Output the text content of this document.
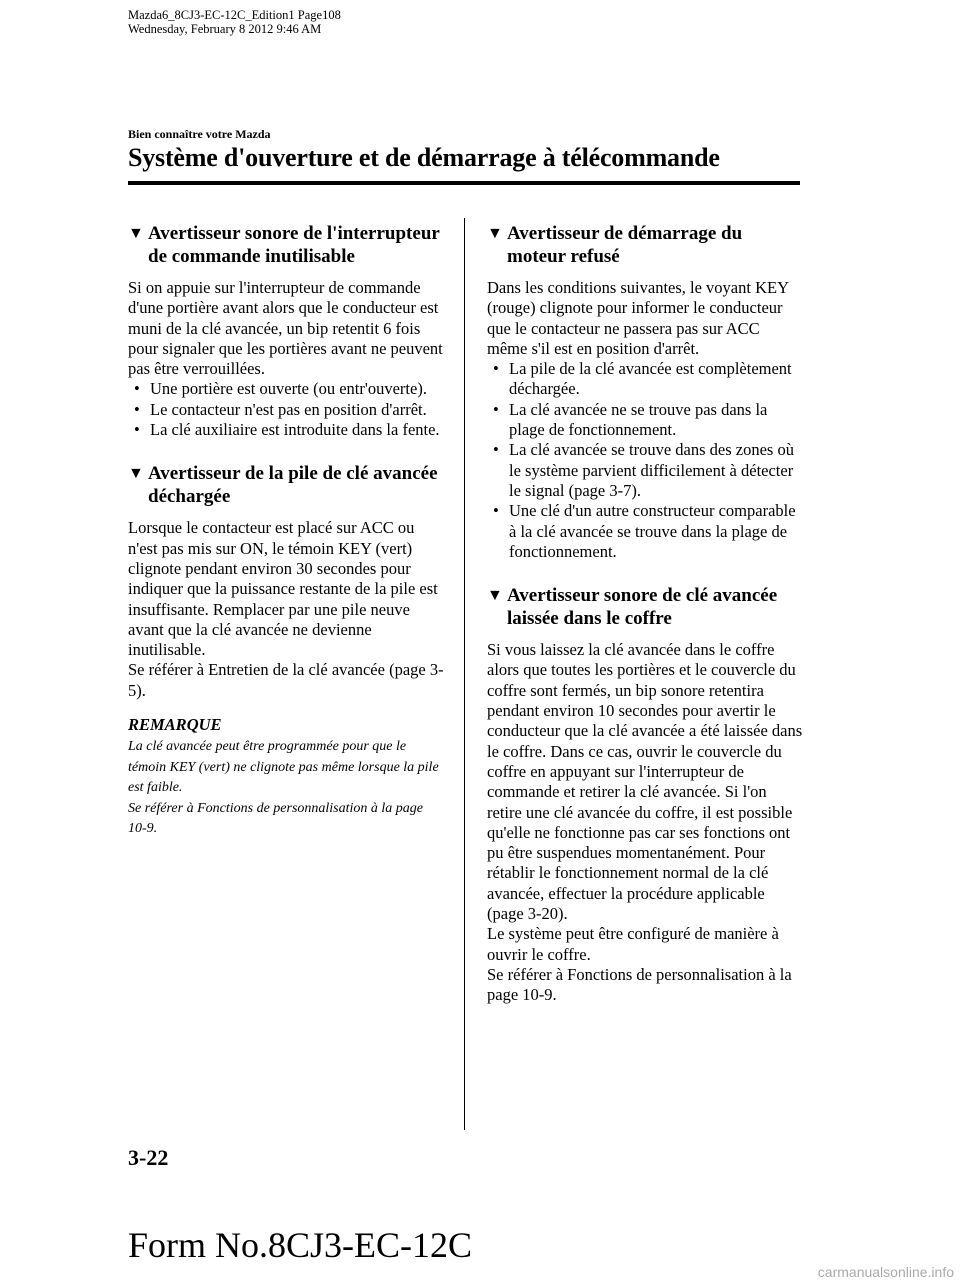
Mazda6_8CJ3-EC-12C_Edition1 Page108
Wednesday, February 8 2012 9:46 AM
Bien connaître votre Mazda
Système d'ouverture et de démarrage à télécommande
▼ Avertisseur sonore de l'interrupteur de commande inutilisable

Si on appuie sur l'interrupteur de commande d'une portière avant alors que le conducteur est muni de la clé avancée, un bip retentit 6 fois pour signaler que les portières avant ne peuvent pas être verrouillées.

• Une portière est ouverte (ou entr'ouverte).
• Le contacteur n'est pas en position d'arrêt.
• La clé auxiliaire est introduite dans la fente.
▼ Avertisseur de la pile de clé avancée déchargée

Lorsque le contacteur est placé sur ACC ou n'est pas mis sur ON, le témoin KEY (vert) clignote pendant environ 30 secondes pour indiquer que la puissance restante de la pile est insuffisante. Remplacer par une pile neuve avant que la clé avancée ne devienne inutilisable.

Se référer à Entretien de la clé avancée (page 3-5).

REMARQUE

La clé avancée peut être programmée pour que le témoin KEY (vert) ne clignote pas même lorsque la pile est faible.

Se référer à Fonctions de personnalisation à la page 10-9.

▼ Avertisseur de démarrage du moteur refusé

Dans les conditions suivantes, le voyant KEY (rouge) clignote pour informer le conducteur que le contacteur ne passera pas sur ACC même s'il est en position d'arrêt.

• La pile de la clé avancée est complètement déchargée.
• La clé avancée ne se trouve pas dans la plage de fonctionnement.
• La clé avancée se trouve dans des zones où le système parvient difficilement à détecter le signal (page 3-7).
• Une clé d'un autre constructeur comparable à la clé avancée se trouve dans la plage de fonctionnement.
▼ Avertisseur sonore de clé avancée laissée dans le coffre

Si vous laissez la clé avancée dans le coffre alors que toutes les portières et le couvercle du coffre sont fermés, un bip sonore retentira pendant environ 10 secondes pour avertir le conducteur que la clé avancée a été laissée dans le coffre. Dans ce cas, ouvrir le couvercle du coffre en appuyant sur l'interrupteur de commande et retirer la clé avancée. Si l'on retire une clé avancée du coffre, il est possible qu'elle ne fonctionne pas car ses fonctions ont pu être suspendues momentanément. Pour rétablir le fonctionnement normal de la clé avancée, effectuer la procédure applicable (page 3-20).

Le système peut être configuré de manière à ouvrir le coffre.

Se référer à Fonctions de personnalisation à la page 10-9.

3-22
Form No.8CJ3-EC-12C
carmanualsonline.info
